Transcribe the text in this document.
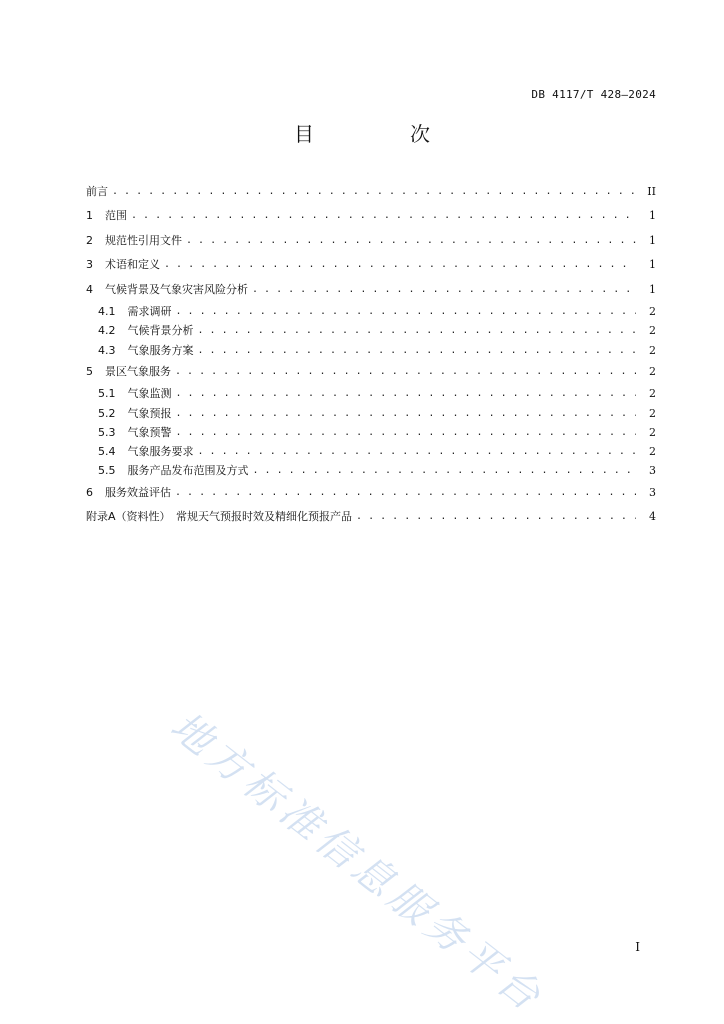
DB 4117/T 428—2024
目　次
前言 . . .	II
1	范围 . . .	1
2	规范性引用文件 . . .	1
3	术语和定义 . . .	1
4	气候背景及气象灾害风险分析 . . .	1
4.1	需求调研 . . .	2
4.2	气候背景分析 . . .	2
4.3	气象服务方案 . . .	2
5	景区气象服务 . . .	2
5.1	气象监测 . . .	2
5.2	气象预报 . . .	2
5.3	气象预警 . . .	2
5.4	气象服务要求 . . .	2
5.5	服务产品发布范围及方式 . . .	3
6	服务效益评估 . . .	3
附录A（资料性）　常规天气预报时效及精细化预报产品 . . .	4
地方标准信息服务平台	I
